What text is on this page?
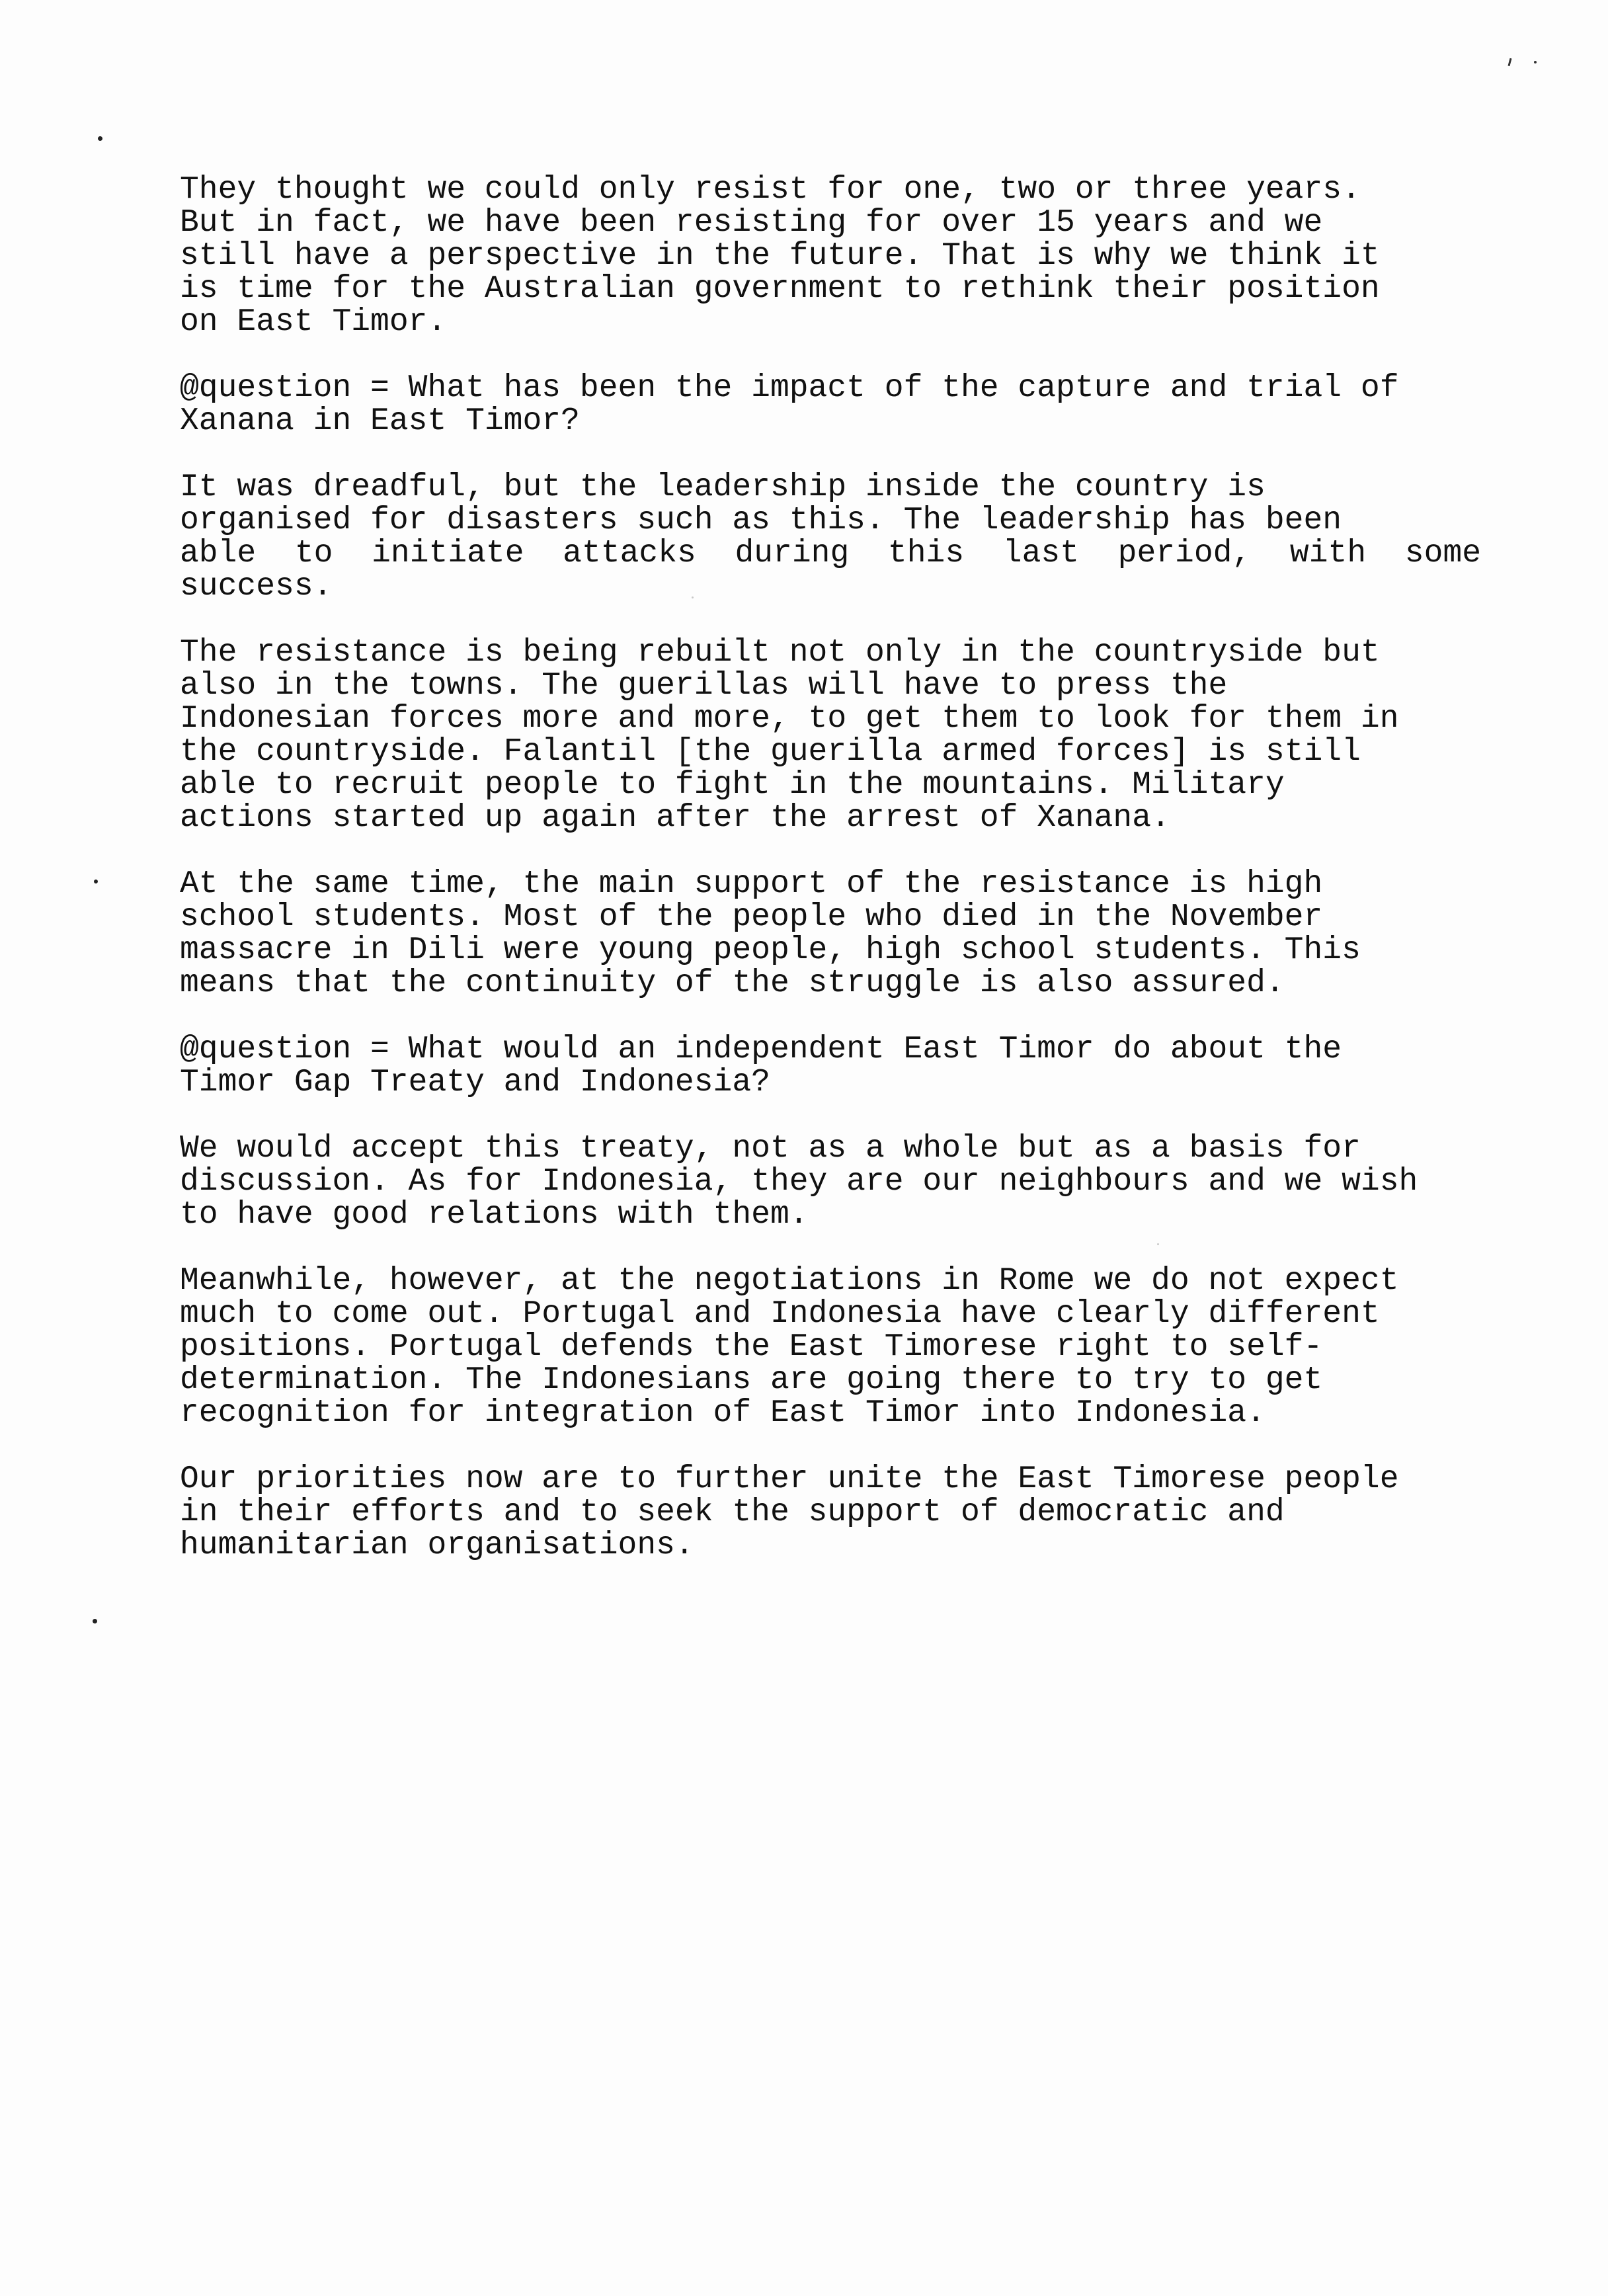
They thought we could only resist for one, two or three years.
But in fact, we have been resisting for over 15 years and we
still have a perspective in the future. That is why we think it
is time for the Australian government to rethink their position
on East Timor.

@question = What has been the impact of the capture and trial of
Xanana in East Timor?

It was dreadful, but the leadership inside the country is
organised for disasters such as this. The leadership has been
able to initiate attacks during this last period, with some
success.

The resistance is being rebuilt not only in the countryside but
also in the towns. The guerillas will have to press the
Indonesian forces more and more, to get them to look for them in
the countryside. Falantil [the guerilla armed forces] is still
able to recruit people to fight in the mountains. Military
actions started up again after the arrest of Xanana.

At the same time, the main support of the resistance is high
school students. Most of the people who died in the November
massacre in Dili were young people, high school students. This
means that the continuity of the struggle is also assured.

@question = What would an independent East Timor do about the
Timor Gap Treaty and Indonesia?

We would accept this treaty, not as a whole but as a basis for
discussion. As for Indonesia, they are our neighbours and we wish
to have good relations with them.

Meanwhile, however, at the negotiations in Rome we do not expect
much to come out. Portugal and Indonesia have clearly different
positions. Portugal defends the East Timorese right to self-
determination. The Indonesians are going there to try to get
recognition for integration of East Timor into Indonesia.

Our priorities now are to further unite the East Timorese people
in their efforts and to seek the support of democratic and
humanitarian organisations.
